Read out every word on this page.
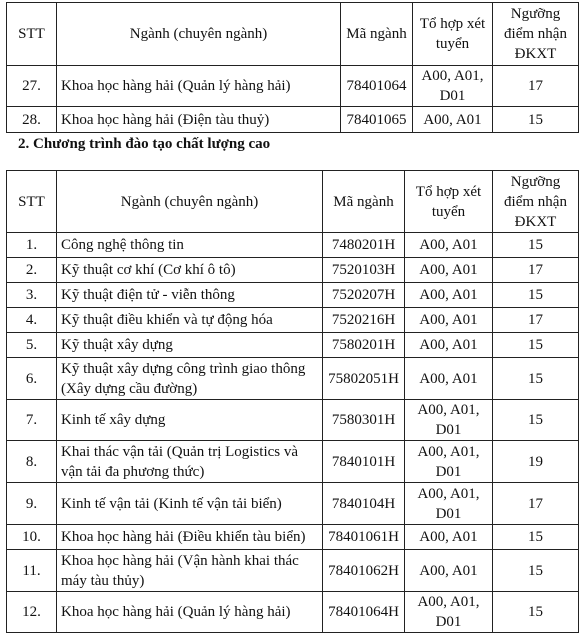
STT	Ngành (chuyên ngành)	Mã ngành	Tổ hợp xét tuyển	Ngưỡng điểm nhận ĐKXT
27.	Khoa học hàng hải (Quản lý hàng hải)	78401064	A00, A01, D01	17
28.	Khoa học hàng hải (Điện tàu thuỷ)	78401065	A00, A01	15
2. Chương trình đào tạo chất lượng cao
STT	Ngành (chuyên ngành)	Mã ngành	Tổ hợp xét tuyển	Ngưỡng điểm nhận ĐKXT
1.	Công nghệ thông tin	7480201H	A00, A01	15
2.	Kỹ thuật cơ khí (Cơ khí ô tô)	7520103H	A00, A01	17
3.	Kỹ thuật điện tử - viễn thông	7520207H	A00, A01	15
4.	Kỹ thuật điều khiển và tự động hóa	7520216H	A00, A01	17
5.	Kỹ thuật xây dựng	7580201H	A00, A01	15
6.	Kỹ thuật xây dựng công trình giao thông (Xây dựng cầu đường)	75802051H	A00, A01	15
7.	Kinh tế xây dựng	7580301H	A00, A01, D01	15
8.	Khai thác vận tải (Quản trị Logistics và vận tải đa phương thức)	7840101H	A00, A01, D01	19
9.	Kinh tế vận tải (Kinh tế vận tải biển)	7840104H	A00, A01, D01	17
10.	Khoa học hàng hải (Điều khiển tàu biển)	78401061H	A00, A01	15
11.	Khoa học hàng hải (Vận hành khai thác máy tàu thủy)	78401062H	A00, A01	15
12.	Khoa học hàng hải (Quản lý hàng hải)	78401064H	A00, A01, D01	15
